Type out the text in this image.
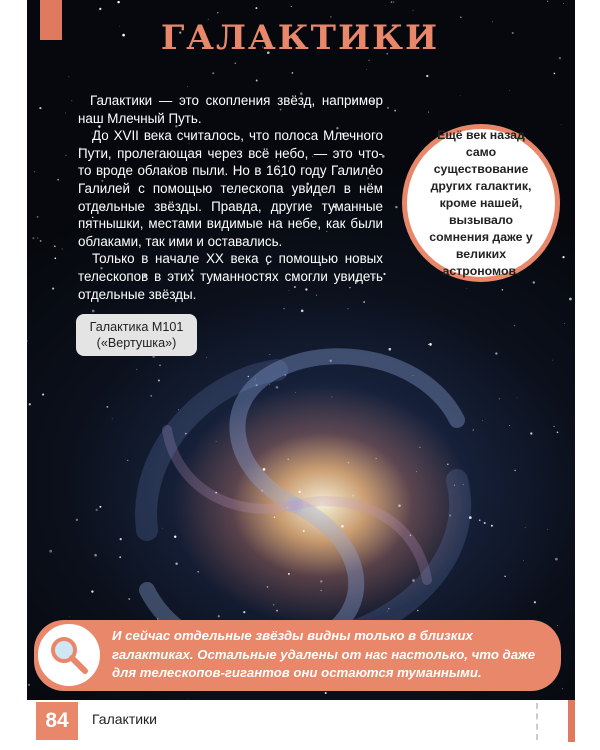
ГАЛАКТИКИ

Галактики — это скопления звёзд, например наш Млечный Путь.

До XVII века считалось, что полоса Млечного Пути, пролегающая через всё небо, — это что-то вроде облаков пыли. Но в 1610 году Галилео Галилей с помощью телескопа увидел в нём отдельные звёзды. Правда, другие туманные пятнышки, местами видимые на небе, как были облаками, так ими и оставались.

Только в начале XX века с помощью новых телескопов в этих туманностях смогли увидеть отдельные звёзды.

Ещё век назад само существование других галактик, кроме нашей, вызывало сомнения даже у великих астрономов.
Галактика М101 («Вертушка»)
И сейчас отдельные звёзды видны только в близких галактиках. Остальные удалены от нас настолько, что даже для телескопов-гигантов они остаются туманными.
84	Галактики
